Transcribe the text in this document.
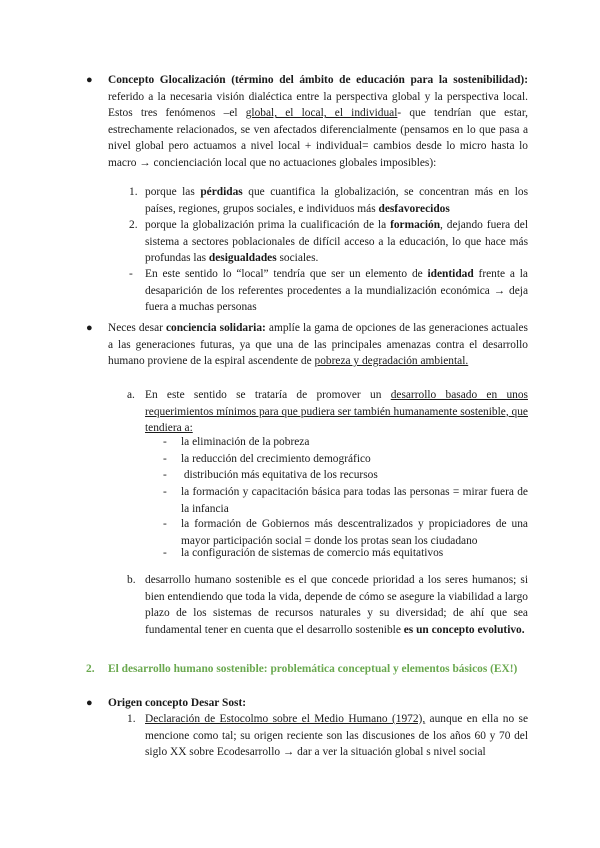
● Concepto Glocalización (término del ámbito de educación para la sostenibilidad): referido a la necesaria visión dialéctica entre la perspectiva global y la perspectiva local. Estos tres fenómenos –el global, el local, el individual- que tendrían que estar, estrechamente relacionados, se ven afectados diferencialmente (pensamos en lo que pasa a nivel global pero actuamos a nivel local + individual= cambios desde lo micro hasta lo macro → concienciación local que no actuaciones globales imposibles):
1. porque las pérdidas que cuantifica la globalización, se concentran más en los países, regiones, grupos sociales, e individuos más desfavorecidos
2. porque la globalización prima la cualificación de la formación, dejando fuera del sistema a sectores poblacionales de difícil acceso a la educación, lo que hace más profundas las desigualdades sociales.
- En este sentido lo “local” tendría que ser un elemento de identidad frente a la desaparición de los referentes procedentes a la mundialización económica → deja fuera a muchas personas
● Neces desar conciencia solidaria: amplíe la gama de opciones de las generaciones actuales a las generaciones futuras, ya que una de las principales amenazas contra el desarrollo humano proviene de la espiral ascendente de pobreza y degradación ambiental.
a. En este sentido se trataría de promover un desarrollo basado en unos requerimientos mínimos para que pudiera ser también humanamente sostenible, que tendiera a:
- la eliminación de la pobreza
- la reducción del crecimiento demográfico
- distribución más equitativa de los recursos
- la formación y capacitación básica para todas las personas = mirar fuera de la infancia
- la formación de Gobiernos más descentralizados y propiciadores de una mayor participación social = donde los protas sean los ciudadano
- la configuración de sistemas de comercio más equitativos
b. desarrollo humano sostenible es el que concede prioridad a los seres humanos; si bien entendiendo que toda la vida, depende de cómo se asegure la viabilidad a largo plazo de los sistemas de recursos naturales y su diversidad; de ahí que sea fundamental tener en cuenta que el desarrollo sostenible es un concepto evolutivo.
2. El desarrollo humano sostenible: problemática conceptual y elementos básicos (EX!)
● Origen concepto Desar Sost:
1. Declaración de Estocolmo sobre el Medio Humano (1972), aunque en ella no se mencione como tal; su origen reciente son las discusiones de los años 60 y 70 del siglo XX sobre Ecodesarrollo → dar a ver la situación global s nivel social
